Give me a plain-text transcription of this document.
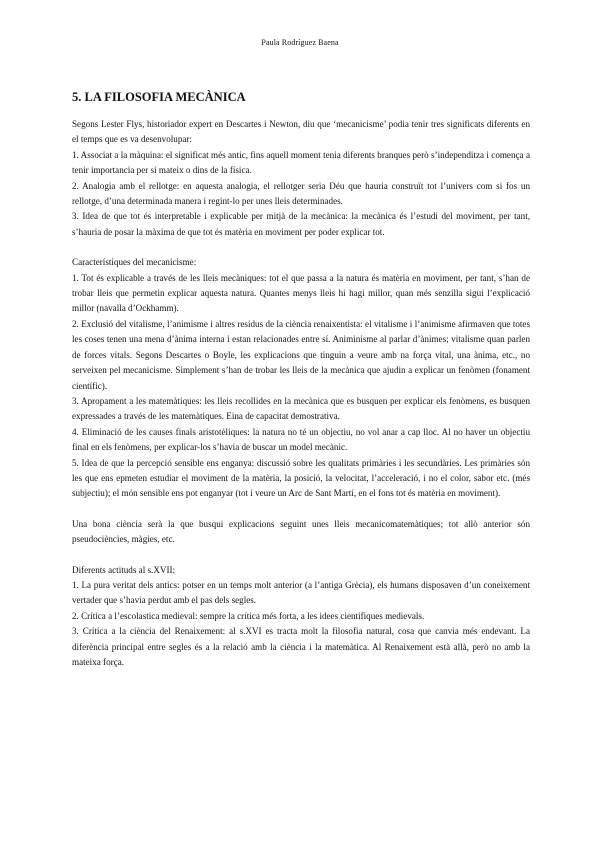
Paula Rodríguez Baena
5. LA FILOSOFIA MECÀNICA

Segons Lester Flys, historiador expert en Descartes i Newton, diu que ‘mecanicisme’ podia tenir tres significats diferents en el temps que es va desenvolupar:

1. Associat a la màquina: el significat més antic, fins aquell moment tenia diferents branques però s’independitza i comença a tenir importancia per sí mateix o dins de la física.

2. Analogia amb el rellotge: en aquesta analogia, el rellotger seria Déu que hauria construït tot l’univers com si fos un rellotge, d’una determinada manera i regint-lo per unes lleis determinades.

3. Idea de que tot és interpretable i explicable per mitjà de la mecànica: la mecànica és l’estudi del moviment, per tant, s’hauria de posar la màxima de que tot és matèria en moviment per poder explicar tot.

Característiques del mecanicisme:

1. Tot és explicable a través de les lleis mecàniques: tot el que passa a la natura és matèria en moviment, per tant, s’han de trobar lleis que permetin explicar aquesta natura. Quantes menys lleis hi hagi millor, quan més senzilla sigui l’explicació millor (navalla d’Ockhamm).

2. Exclusió del vitalisme, l’animisme i altres residus de la ciència renaixentista: el vitalisme i l’animisme afirmaven que totes les coses tenen una mena d’ànima interna i estan relacionades entre sí. Animinisme al parlar d’ànimes; vitalisme quan parlen de forces vitals. Segons Descartes o Boyle, les explicacions que tinguin a veure amb na força vital, una ànima, etc., no serveixen pel mecanicisme. Simplement s’han de trobar les lleis de la mecànica que ajudin a explicar un fenòmen (fonament científic).

3. Apropament a les matemàtiques: les lleis recollides en la mecànica que es busquen per explicar els fenòmens, es busquen expressades a través de les matemàtiques. Eina de capacitat demostrativa.

4. Eliminació de les causes finals aristotèliques: la natura no té un objectiu, no vol anar a cap lloc. Al no haver un objectiu final en els fenòmens, per explicar-los s’havia de buscar un model mecànic.

5. Idea de que la percepció sensible ens enganya: discussió sobre les qualitats primàries i les secundàries. Les primàries són les que ens epmeten estudiar el moviment de la matèria, la posició, la velocitat, l’acceleració, i no el color, sabor etc. (més subjectiu); el món sensible ens pot enganyar (tot i veure un Arc de Sant Martí, en el fons tot és matèria en moviment).

Una bona ciència serà la que busqui explicacions seguint unes lleis mecanicomatemàtiques; tot allò anterior són pseudociències, màgies, etc.

Diferents actituds al s.XVII:

1. La pura veritat dels antics: potser en un temps molt anterior (a l’antiga Grècia), els humans disposaven d’un coneixement vertader que s’havia perdut amb el pas dels segles.

2. Crítica a l’escolastica medieval: sempre la crítica més forta, a les idees cientifiques medievals.

3. Crítica a la ciència del Renaixement: al s.XVI es tracta molt la filosofia natural, cosa que canvia més endevant. La diferència principal entre segles és a la relació amb la ciència i la matemàtica. Al Renaixement està allà, però no amb la mateixa força.
